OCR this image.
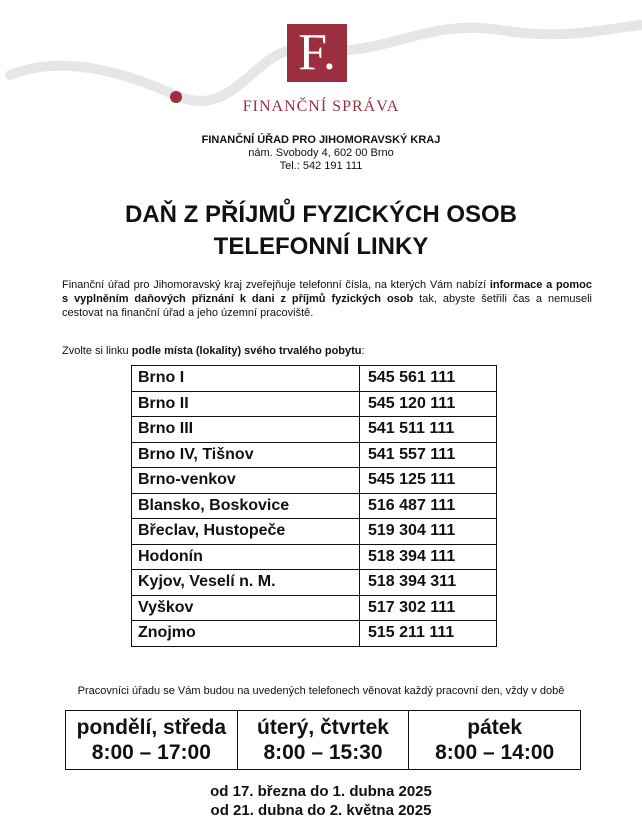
F.
FINANČNÍ SPRÁVA
FINANČNÍ ÚŘAD PRO JIHOMORAVSKÝ KRAJ
nám. Svobody 4, 602 00 Brno
Tel.: 542 191 111
DAŇ Z PŘÍJMŮ FYZICKÝCH OSOB
TELEFONNÍ LINKY
Finanční úřad pro Jihomoravský kraj zveřejňuje telefonní čísla, na kterých Vám nabízí informace a pomoc s vyplněním daňových přiznání k dani z příjmů fyzických osob tak, abyste šetřili čas a nemuseli cestovat na finanční úřad a jeho územní pracoviště.
Zvolte si linku podle místa (lokality) svého trvalého pobytu:
Brno I	545 561 111
Brno II	545 120 111
Brno III	541 511 111
Brno IV, Tišnov	541 557 111
Brno-venkov	545 125 111
Blansko, Boskovice	516 487 111
Břeclav, Hustopeče	519 304 111
Hodonín	518 394 111
Kyjov, Veselí n. M.	518 394 311
Vyškov	517 302 111
Znojmo	515 211 111
Pracovníci úřadu se Vám budou na uvedených telefonech věnovat každý pracovní den, vždy v době
pondělí, středa
8:00 – 17:00
úterý, čtvrtek
8:00 – 15:30
pátek
8:00 – 14:00
od 17. března do 1. dubna 2025
od 21. dubna do 2. května 2025
